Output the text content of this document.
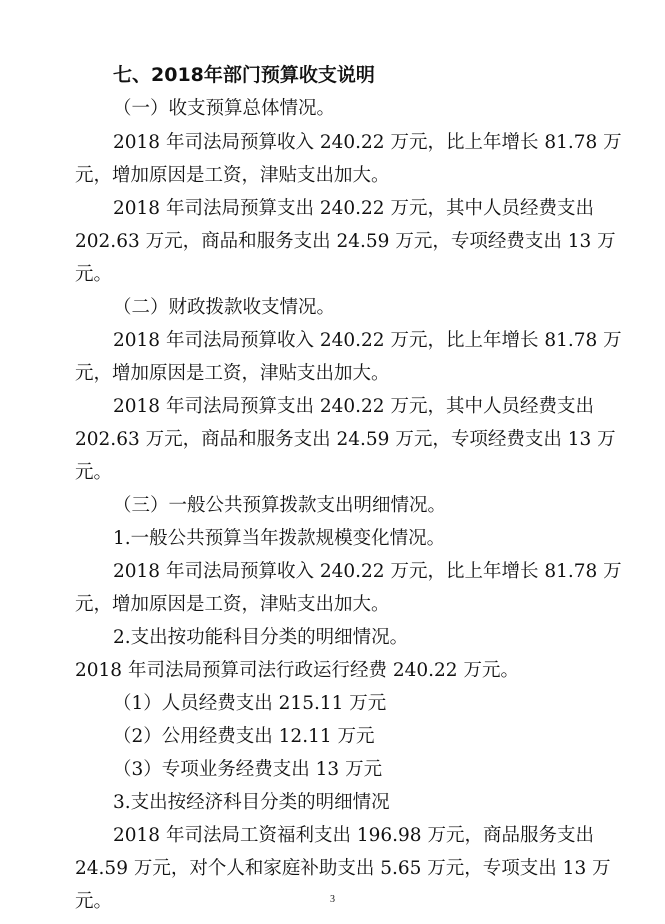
七、2018年部门预算收支说明
（一）收支预算总体情况。
2018 年司法局预算收入 240.22 万元，比上年增长 81.78 万
元，增加原因是工资，津贴支出加大。
2018 年司法局预算支出 240.22 万元，其中人员经费支出
202.63 万元，商品和服务支出 24.59 万元，专项经费支出 13 万
元。
（二）财政拨款收支情况。
2018 年司法局预算收入 240.22 万元，比上年增长 81.78 万
元，增加原因是工资，津贴支出加大。
2018 年司法局预算支出 240.22 万元，其中人员经费支出
202.63 万元，商品和服务支出 24.59 万元，专项经费支出 13 万
元。
（三）一般公共预算拨款支出明细情况。
1.一般公共预算当年拨款规模变化情况。
2018 年司法局预算收入 240.22 万元，比上年增长 81.78 万
元，增加原因是工资，津贴支出加大。
2.支出按功能科目分类的明细情况。
2018 年司法局预算司法行政运行经费 240.22 万元。
（1）人员经费支出 215.11 万元
（2）公用经费支出 12.11 万元
（3）专项业务经费支出 13 万元
3.支出按经济科目分类的明细情况
2018 年司法局工资福利支出 196.98 万元，商品服务支出
24.59 万元，对个人和家庭补助支出 5.65 万元，专项支出 13 万
元。	3
